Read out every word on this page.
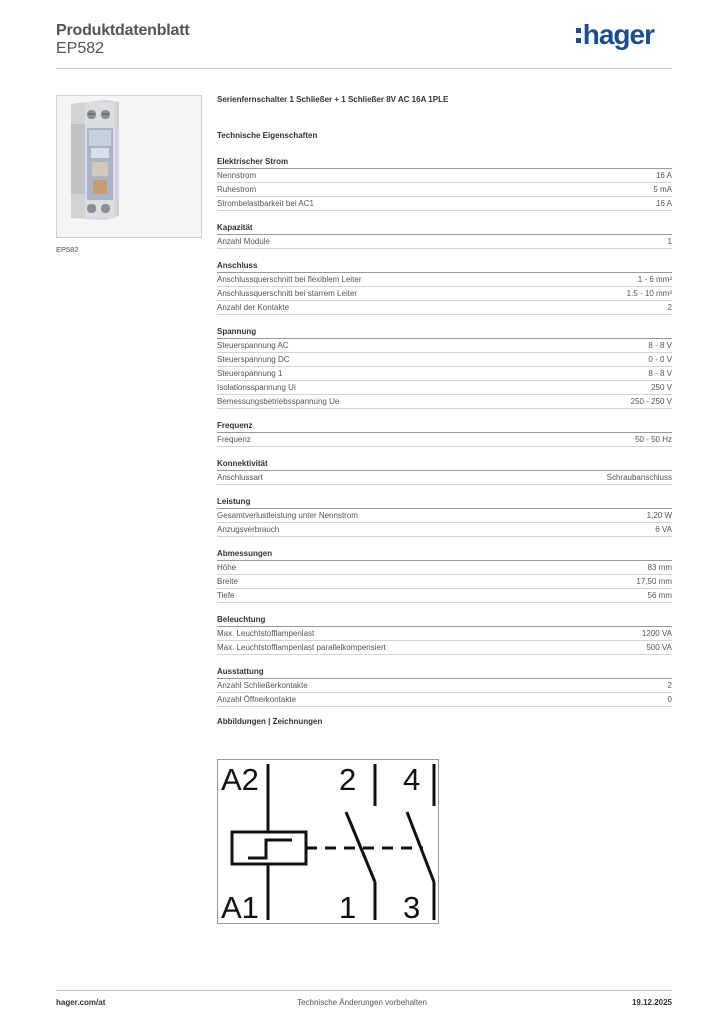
Produktdatenblatt
EP582	hager
EP582
Serienfernschalter 1 Schließer + 1 Schließer 8V AC 16A 1PLE
Technische Eigenschaften
Elektrischer Strom
Nennstrom	16 A
Ruhestrom	5 mA
Strombelastbarkeit bei AC1	16 A
Kapazität
Anzahl Module	1
Anschluss
Anschlussquerschnitt bei flexiblem Leiter	1 - 6 mm²
Anschlussquerschnitt bei starrem Leiter	1.5 - 10 mm²
Anzahl der Kontakte	2
Spannung
Steuerspannung AC	8 - 8 V
Steuerspannung DC	0 - 0 V
Steuerspannung 1	8 - 8 V
Isolationsspannung Ui	250 V
Bemessungsbetriebsspannung Ue	250 - 250 V
Frequenz
Frequenz	50 - 50 Hz
Konnektivität
Anschlussart	Schraubanschluss
Leistung
Gesamtverlustleistung unter Nennstrom	1,20 W
Anzugsverbrauch	6 VA
Abmessungen
Höhe	83 mm
Breite	17,50 mm
Tiefe	56 mm
Beleuchtung
Max. Leuchtstofflampenlast	1200 VA
Max. Leuchtstofflampenlast parallelkompensiert	500 VA
Ausstattung
Anzahl Schließerkontakte	2
Anzahl Öffnerkontakte	0
Abbildungen | Zeichnungen
A2
A1
2 4
1 3
hager.com/at	Technische Änderungen vorbehalten	19.12.2025
